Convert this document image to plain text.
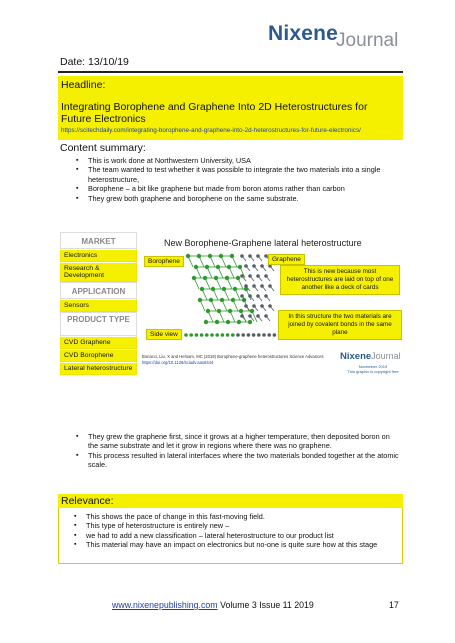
Nixene
Journal
Date: 13/10/19
Headline:
Integrating Borophene and Graphene Into 2D Heterostructures for Future Electronics
https://scitechdaily.com/integrating-borophene-and-graphene-into-2d-heterostructures-for-future-electronics/
Content summary:
▪ This is work done at Northwestern University, USA
▪ The team wanted to test whether it was possible to integrate the two materials into a single heterostructure,
▪ Borophene – a bit like graphene but made from boron atoms rather than carbon
▪ They grew both graphene and borophene on the same substrate.
MARKET
Electronics
Research & Development
APPLICATION
Sensors
PRODUCT TYPE
CVD Graphene
CVD Borophene
Lateral heterostructure
New Borophene-Graphene lateral heterostructure
Borophene	Graphene
This is new because most heterostructures are laid on top of one another like a deck of cards
In this structure the two materials are joined by covalent bonds in the same plane
Side view
Bonacci, Liu, X and Hersam, MC (2019) Borophene-graphene heterostructures Science Advances
https://doi.org/10.1126/sciadv.aax6444
NixeneJournal
November 2019
This graphic is copyright free
▪ They grew the graphene first, since it grows at a higher temperature, then deposited boron on the same substrate and let it grow in regions where there was no graphene.
▪ This process resulted in lateral interfaces where the two materials bonded together at the atomic scale.
Relevance:
▪ This shows the pace of change in this fast-moving field.
▪ This type of heterostructure is entirely new –
▪ we had to add a new classification – lateral heterostructure to our product list
▪ This material may have an impact on electronics but no-one is quite sure how at this stage
www.nixenepublishing.com Volume 3 Issue 11 2019	17
